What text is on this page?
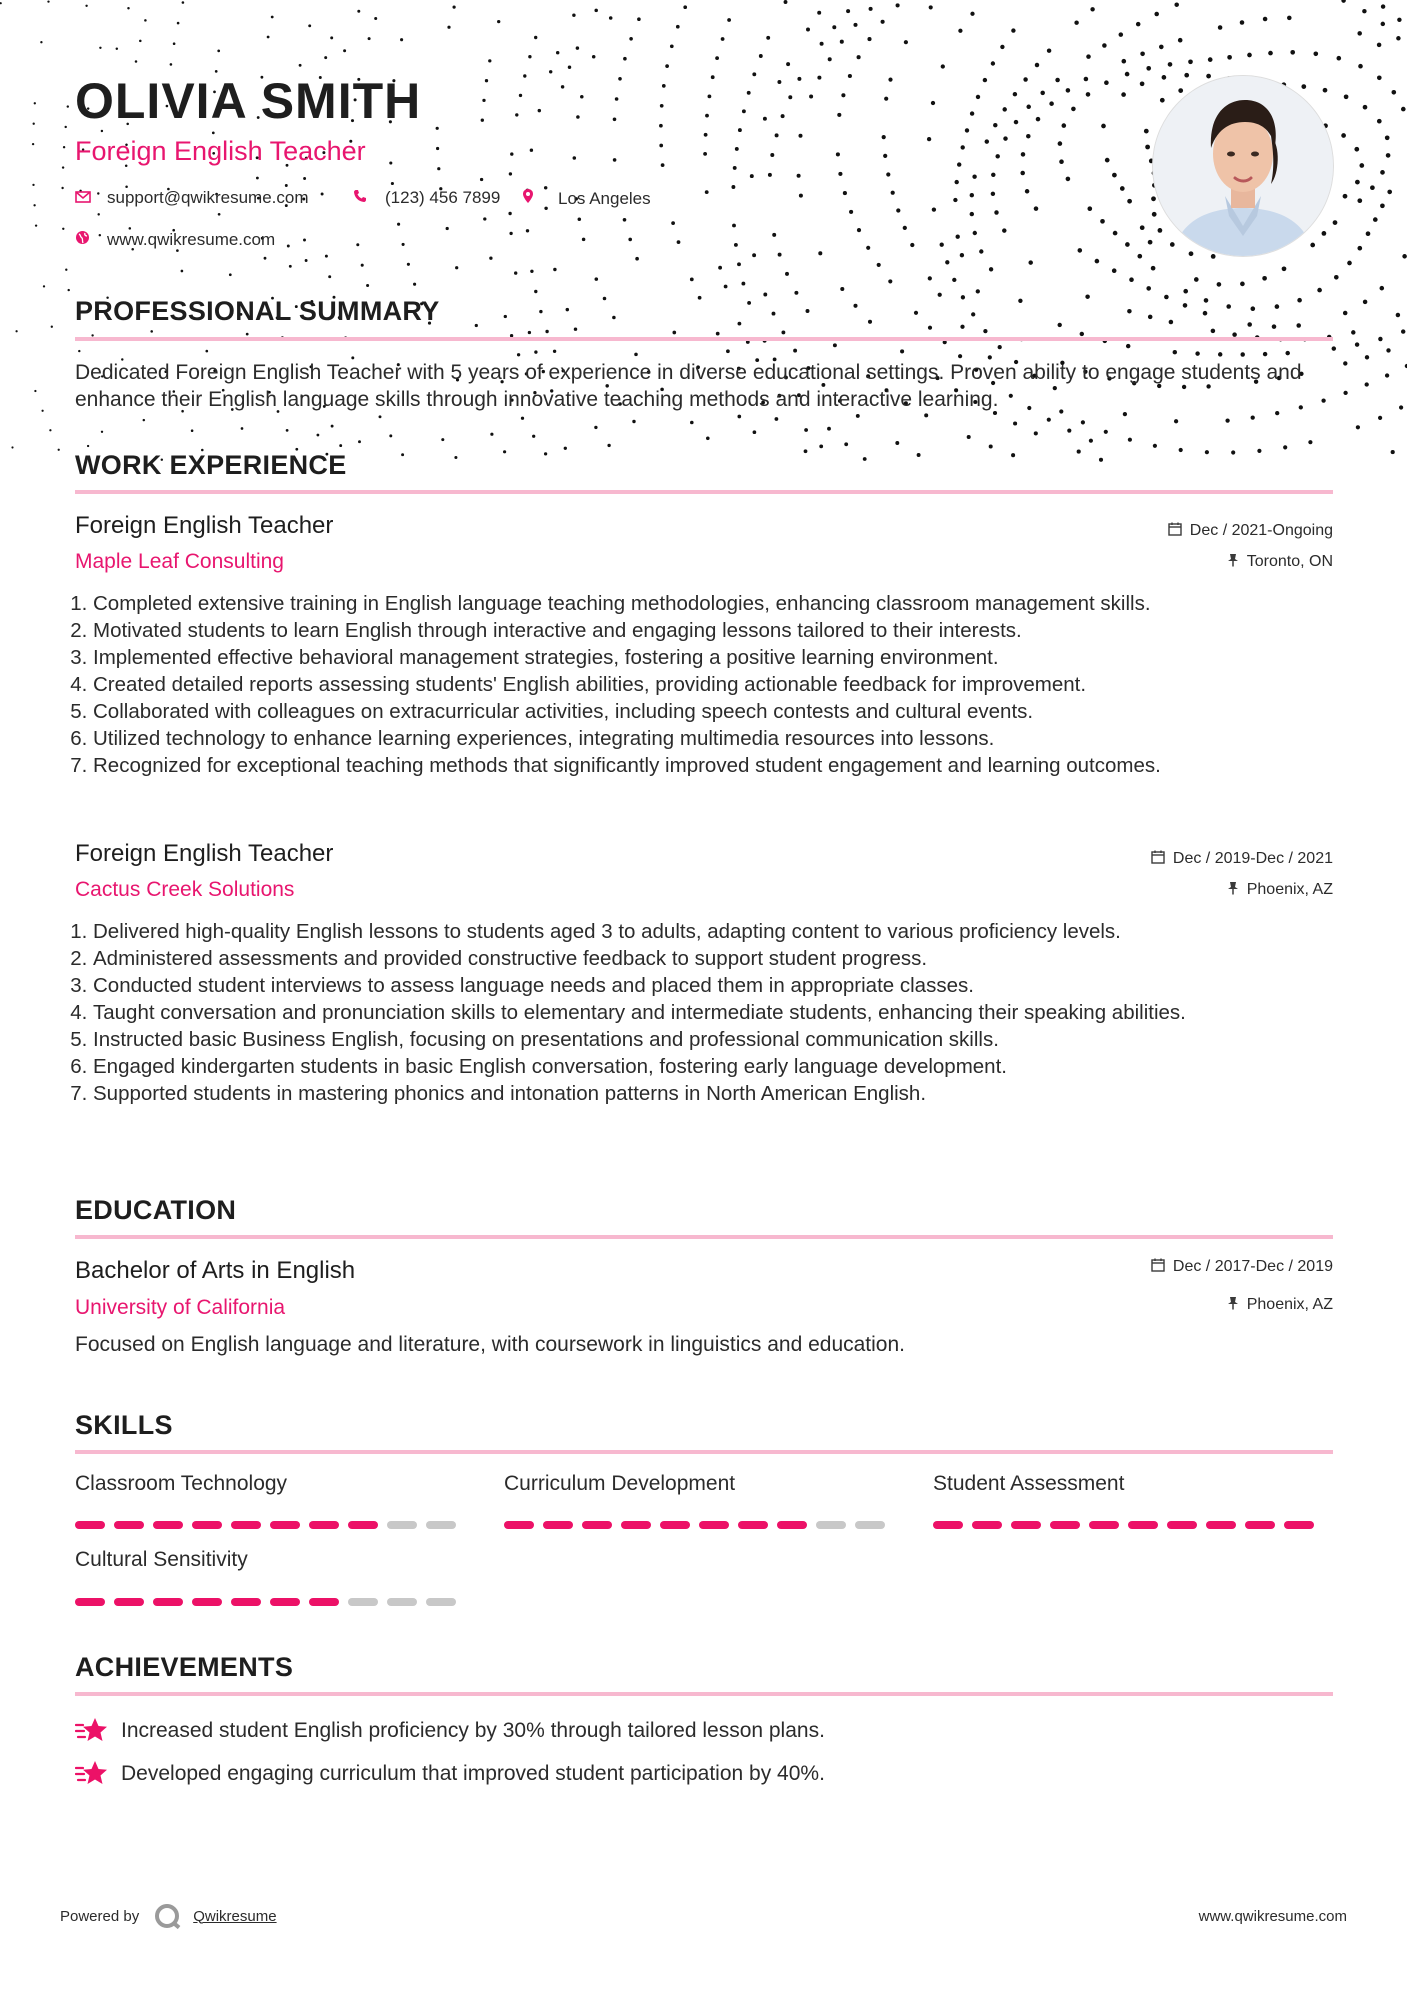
OLIVIA SMITH
Foreign English Teacher
support@qwikresume.com	(123) 456 7899	Los Angeles
www.qwikresume.com
PROFESSIONAL SUMMARY
Dedicated Foreign English Teacher with 5 years of experience in diverse educational settings. Proven ability to engage students and enhance their English language skills through innovative teaching methods and interactive learning.
WORK EXPERIENCE
Foreign English Teacher
Maple Leaf Consulting
Dec / 2021-Ongoing
Toronto, ON
1. Completed extensive training in English language teaching methodologies, enhancing classroom management skills.
2. Motivated students to learn English through interactive and engaging lessons tailored to their interests.
3. Implemented effective behavioral management strategies, fostering a positive learning environment.
4. Created detailed reports assessing students' English abilities, providing actionable feedback for improvement.
5. Collaborated with colleagues on extracurricular activities, including speech contests and cultural events.
6. Utilized technology to enhance learning experiences, integrating multimedia resources into lessons.
7. Recognized for exceptional teaching methods that significantly improved student engagement and learning outcomes.
Foreign English Teacher
Cactus Creek Solutions
Dec / 2019-Dec / 2021
Phoenix, AZ
1. Delivered high-quality English lessons to students aged 3 to adults, adapting content to various proficiency levels.
2. Administered assessments and provided constructive feedback to support student progress.
3. Conducted student interviews to assess language needs and placed them in appropriate classes.
4. Taught conversation and pronunciation skills to elementary and intermediate students, enhancing their speaking abilities.
5. Instructed basic Business English, focusing on presentations and professional communication skills.
6. Engaged kindergarten students in basic English conversation, fostering early language development.
7. Supported students in mastering phonics and intonation patterns in North American English.
EDUCATION
Bachelor of Arts in English
University of California
Dec / 2017-Dec / 2019
Phoenix, AZ
Focused on English language and literature, with coursework in linguistics and education.
SKILLS
Classroom Technology	Curriculum Development	Student Assessment
Cultural Sensitivity
ACHIEVEMENTS
Increased student English proficiency by 30% through tailored lesson plans.
Developed engaging curriculum that improved student participation by 40%.
Powered by	Qwikresume	www.qwikresume.com
